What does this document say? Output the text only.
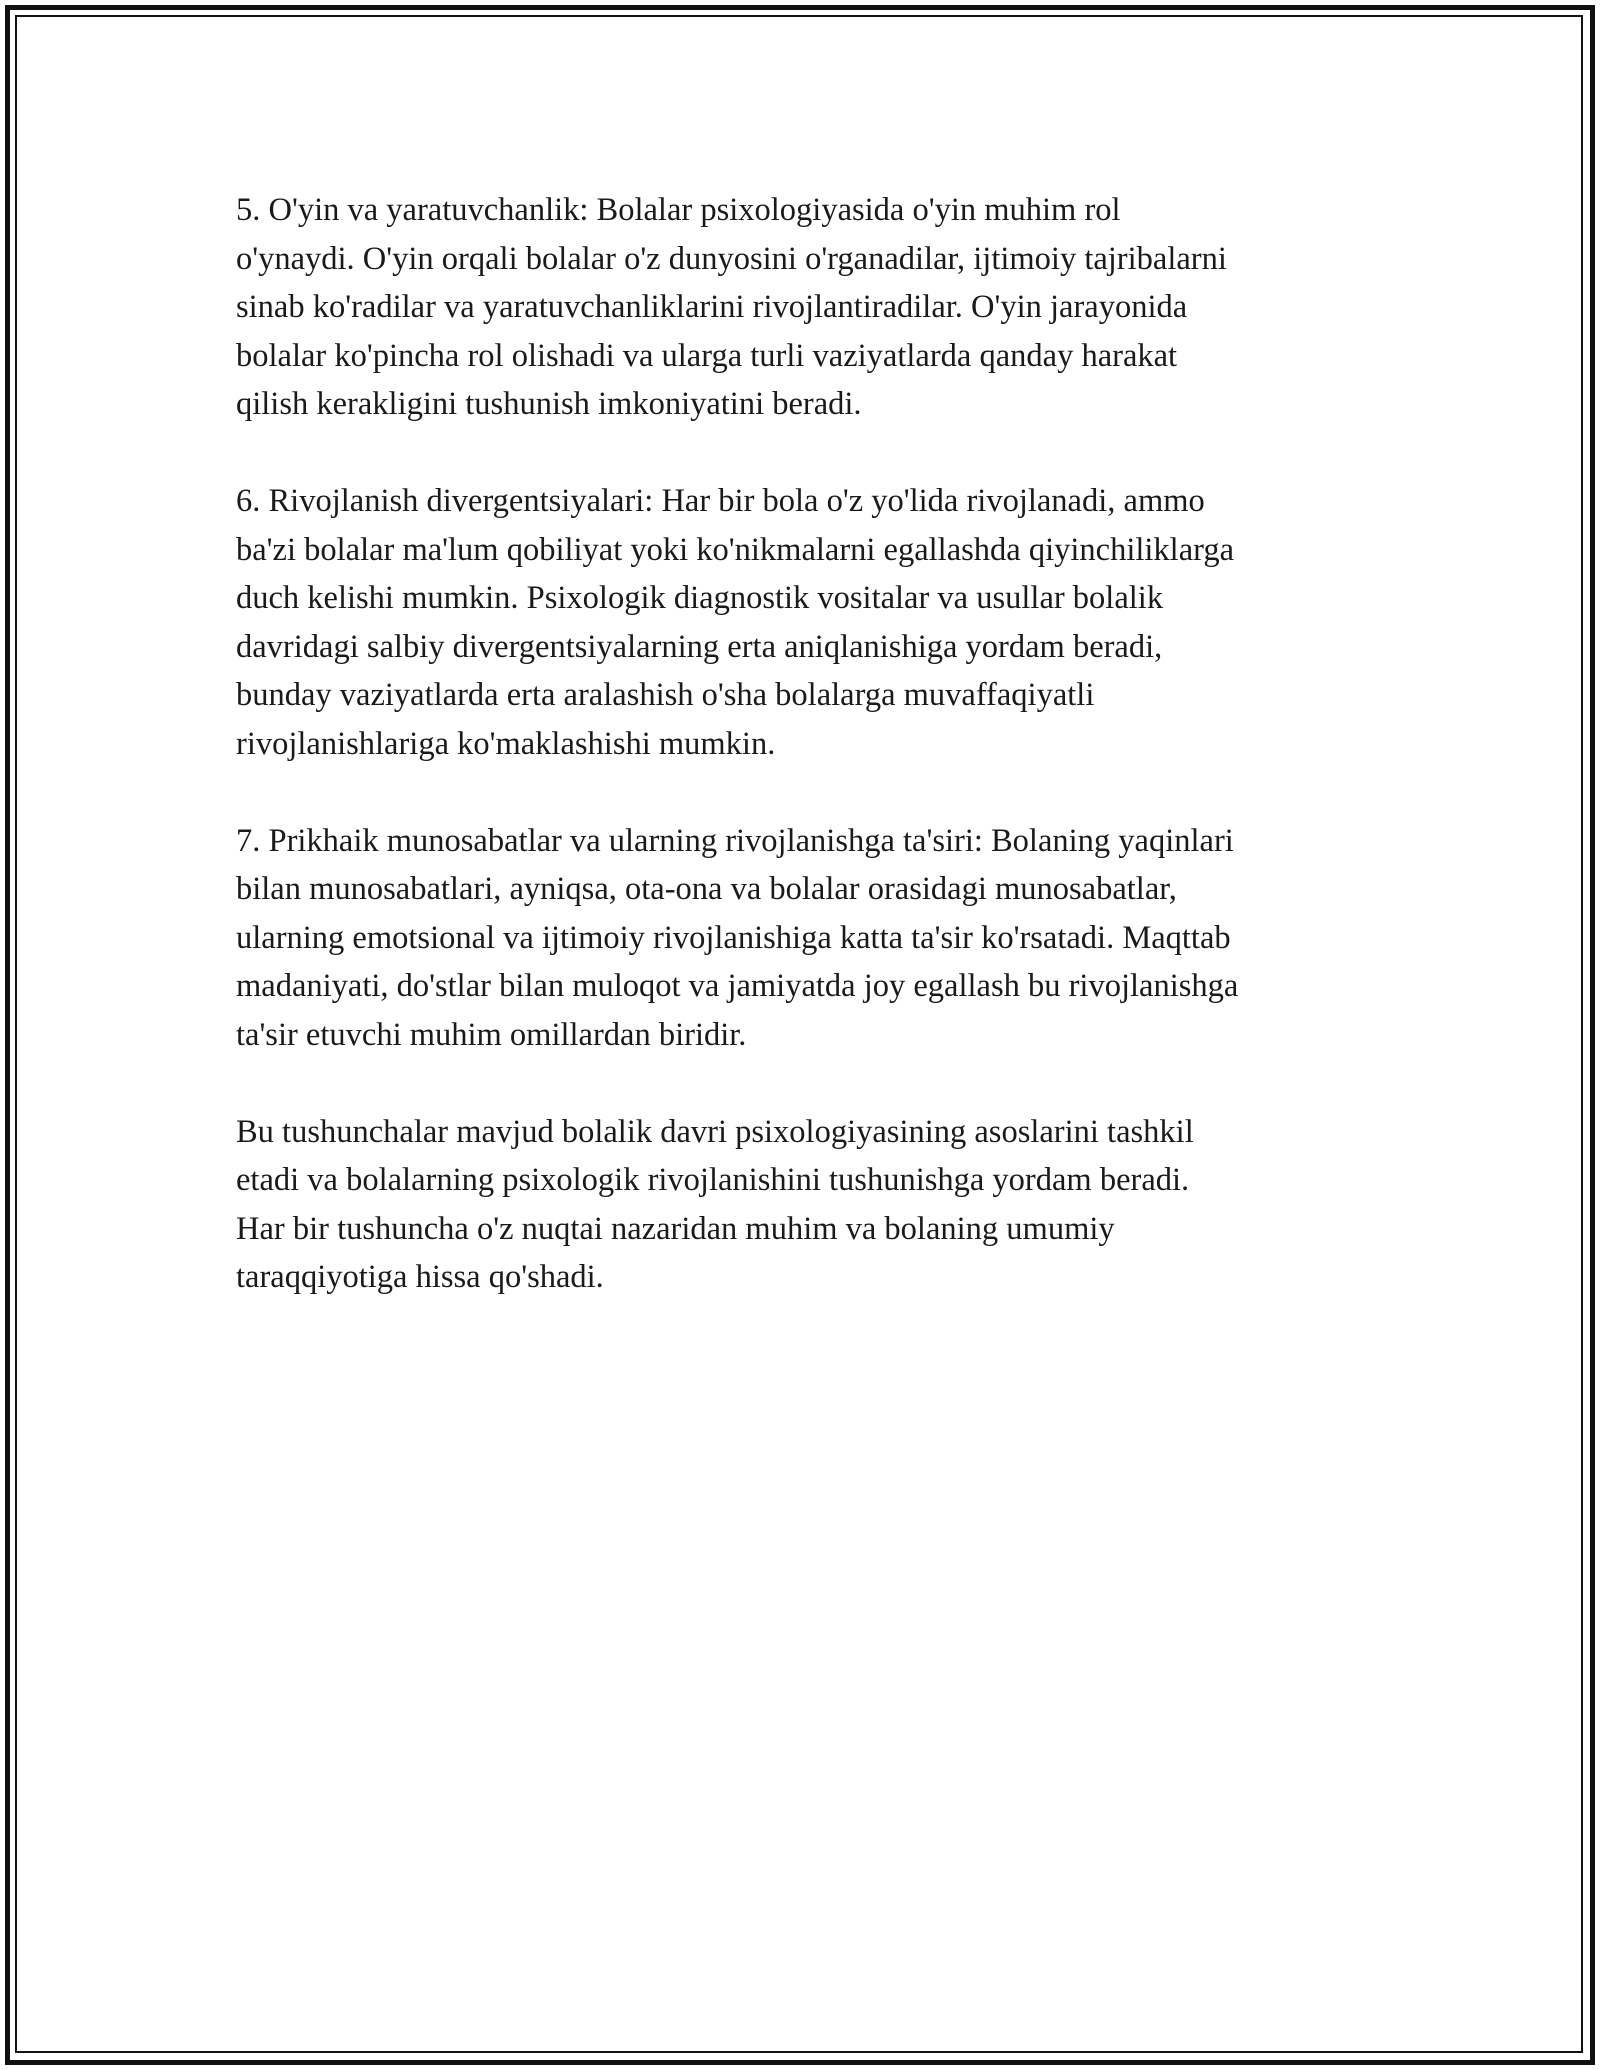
5. O'yin va yaratuvchanlik: Bolalar psixologiyasida o'yin muhim rol
o'ynaydi. O'yin orqali bolalar o'z dunyosini o'rganadilar, ijtimoiy tajribalarni
sinab ko'radilar va yaratuvchanliklarini rivojlantiradilar. O'yin jarayonida
bolalar ko'pincha rol olishadi va ularga turli vaziyatlarda qanday harakat
qilish kerakligini tushunish imkoniyatini beradi.

6. Rivojlanish divergentsiyalari: Har bir bola o'z yo'lida rivojlanadi, ammo
ba'zi bolalar ma'lum qobiliyat yoki ko'nikmalarni egallashda qiyinchiliklarga
duch kelishi mumkin. Psixologik diagnostik vositalar va usullar bolalik
davridagi salbiy divergentsiyalarning erta aniqlanishiga yordam beradi,
bunday vaziyatlarda erta aralashish o'sha bolalarga muvaffaqiyatli
rivojlanishlariga ko'maklashishi mumkin.

7. Prikhaik munosabatlar va ularning rivojlanishga ta'siri: Bolaning yaqinlari
bilan munosabatlari, ayniqsa, ota-ona va bolalar orasidagi munosabatlar,
ularning emotsional va ijtimoiy rivojlanishiga katta ta'sir ko'rsatadi. Maqttab
madaniyati, do'stlar bilan muloqot va jamiyatda joy egallash bu rivojlanishga
ta'sir etuvchi muhim omillardan biridir.

Bu tushunchalar mavjud bolalik davri psixologiyasining asoslarini tashkil
etadi va bolalarning psixologik rivojlanishini tushunishga yordam beradi.
Har bir tushuncha o'z nuqtai nazaridan muhim va bolaning umumiy
taraqqiyotiga hissa qo'shadi.
